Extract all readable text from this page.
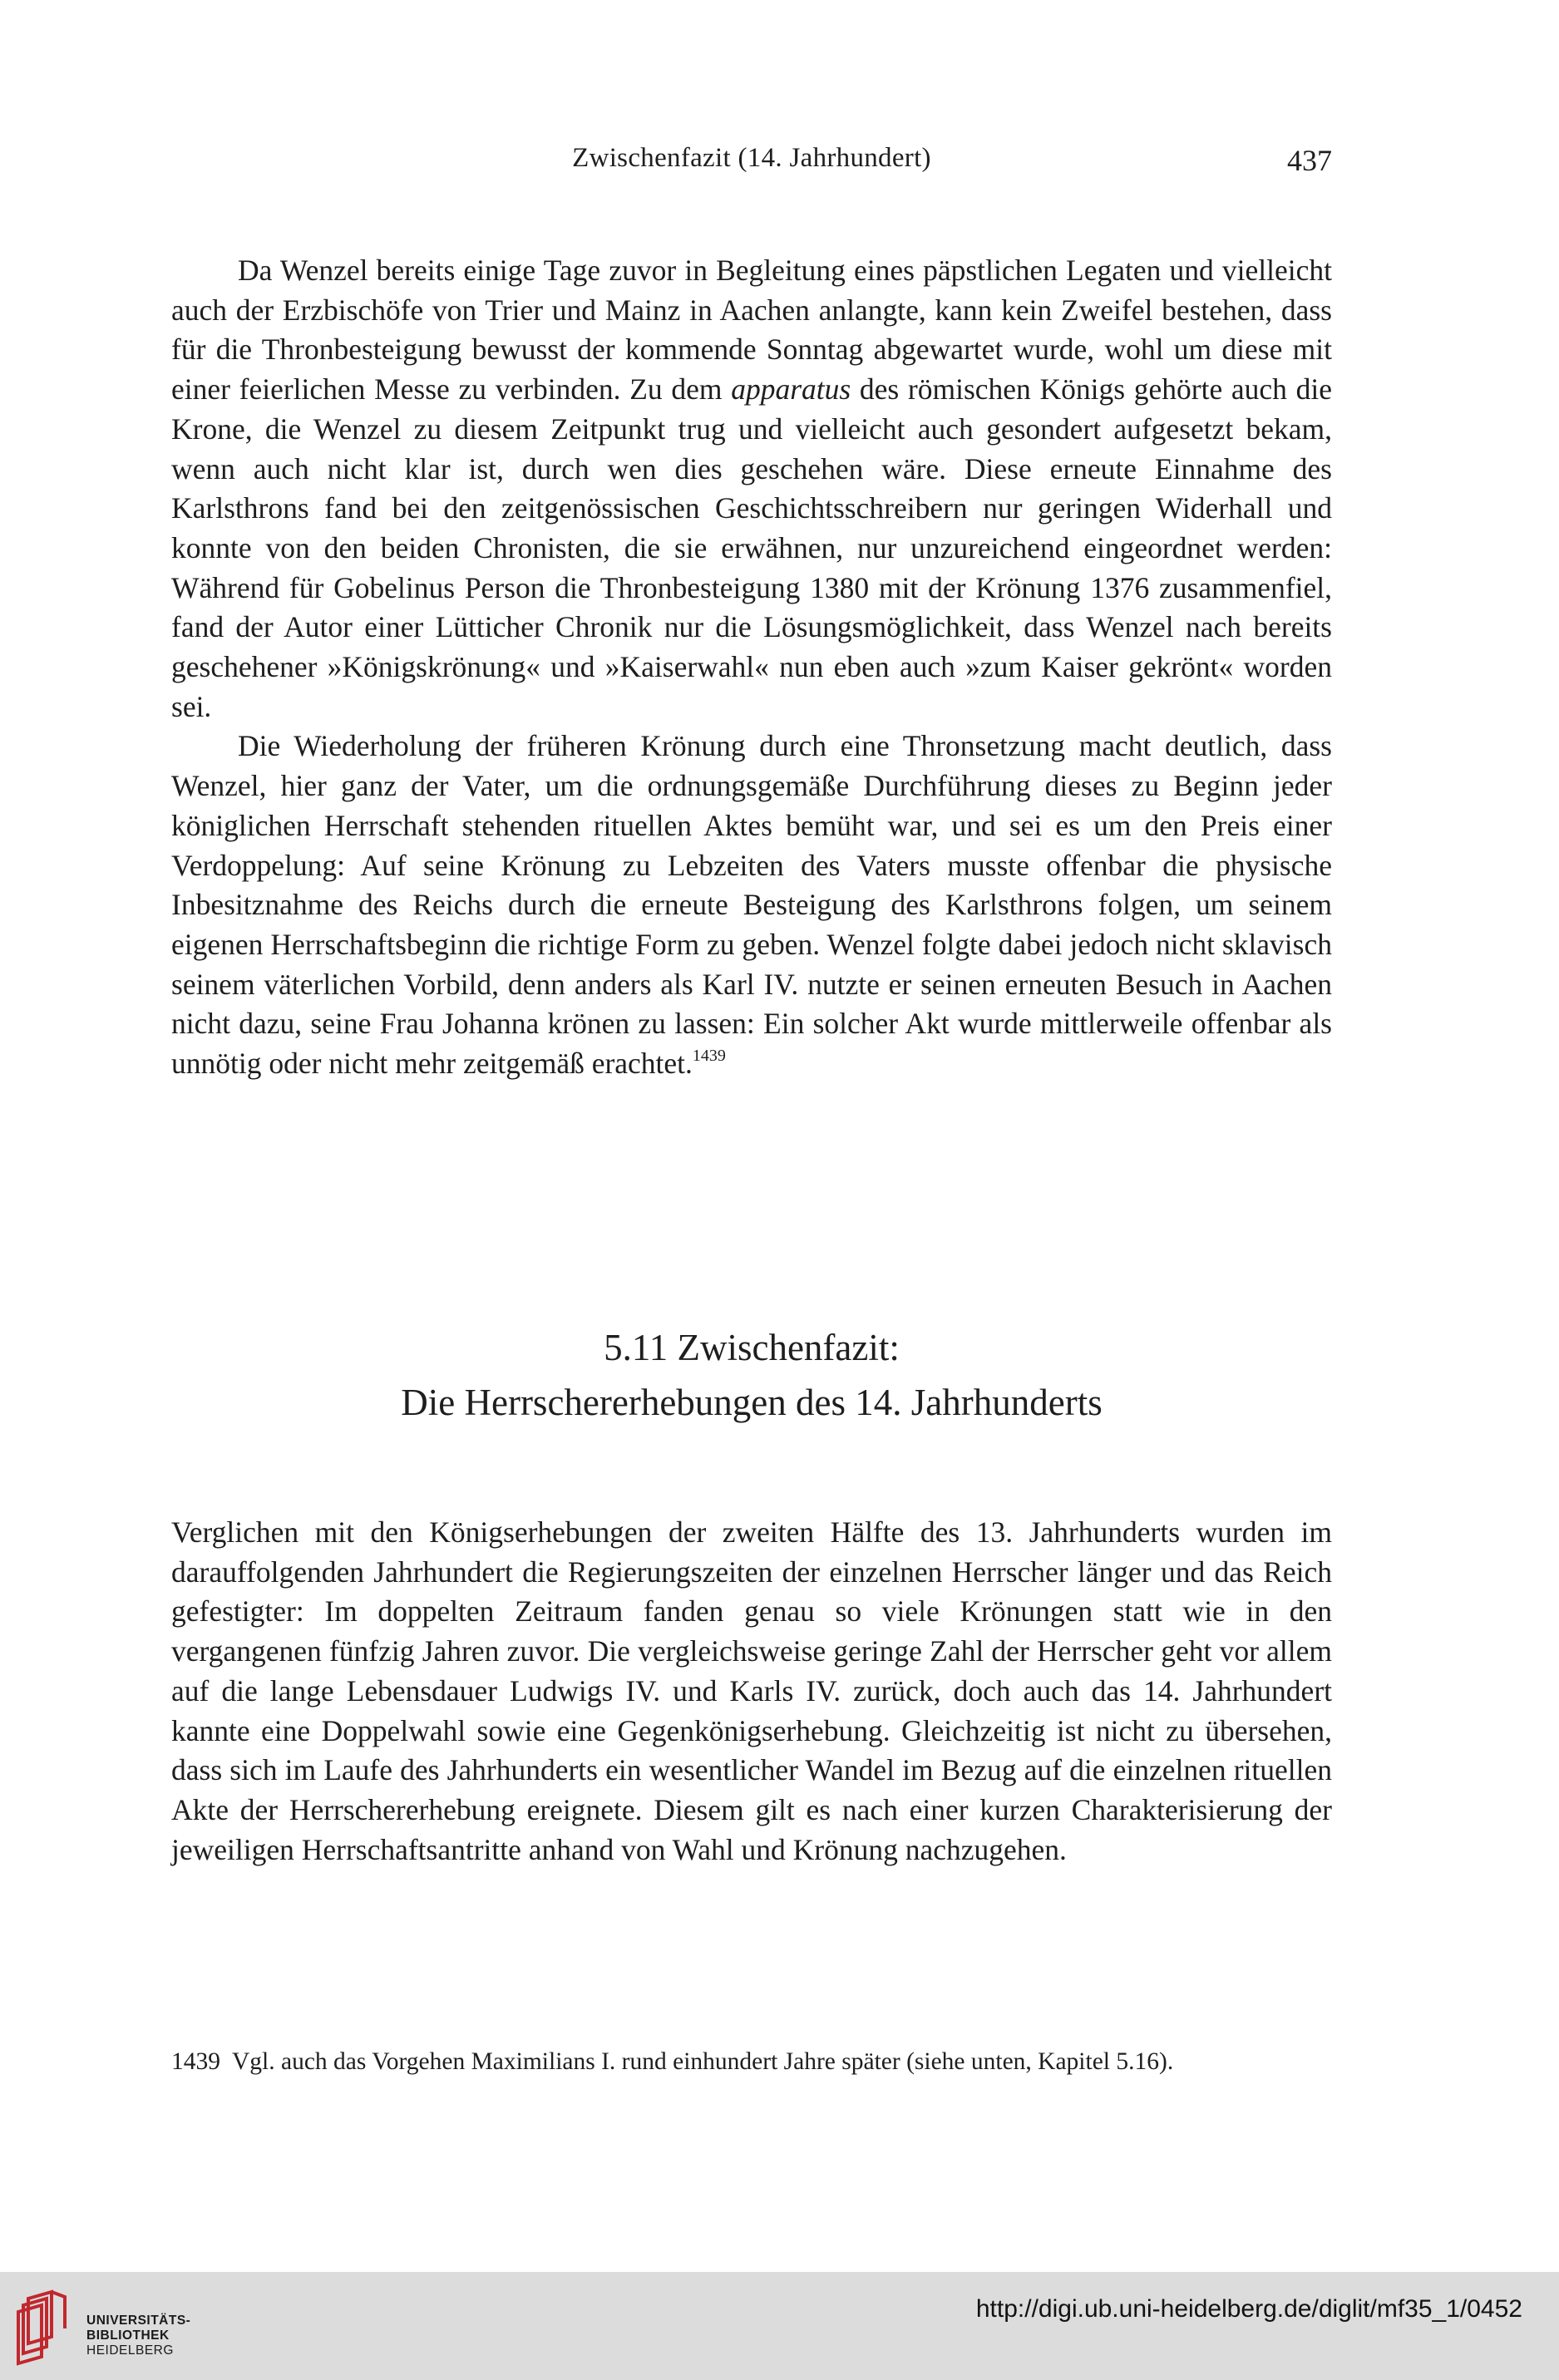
Zwischenfazit (14. Jahrhundert)	437

Da Wenzel bereits einige Tage zuvor in Begleitung eines päpstlichen Legaten und vielleicht auch der Erzbischöfe von Trier und Mainz in Aachen anlangte, kann kein Zweifel bestehen, dass für die Thronbesteigung bewusst der kommende Sonntag abgewartet wurde, wohl um diese mit einer feierlichen Messe zu verbinden. Zu dem apparatus des römischen Königs gehörte auch die Krone, die Wenzel zu diesem Zeitpunkt trug und vielleicht auch gesondert aufgesetzt bekam, wenn auch nicht klar ist, durch wen dies geschehen wäre. Diese erneute Einnahme des Karlsthrons fand bei den zeitgenössischen Geschichtsschreibern nur geringen Widerhall und konnte von den beiden Chronisten, die sie erwähnen, nur unzureichend eingeordnet werden: Während für Gobelinus Person die Thronbesteigung 1380 mit der Krönung 1376 zusammenfiel, fand der Autor einer Lütticher Chronik nur die Lösungsmöglichkeit, dass Wenzel nach bereits geschehener »Königskrönung« und »Kaiserwahl« nun eben auch »zum Kaiser gekrönt« worden sei.

Die Wiederholung der früheren Krönung durch eine Thronsetzung macht deutlich, dass Wenzel, hier ganz der Vater, um die ordnungsgemäße Durchführung dieses zu Beginn jeder königlichen Herrschaft stehenden rituellen Aktes bemüht war, und sei es um den Preis einer Verdoppelung: Auf seine Krönung zu Lebzeiten des Vaters musste offenbar die physische Inbesitznahme des Reichs durch die erneute Besteigung des Karlsthrons folgen, um seinem eigenen Herrschaftsbeginn die richtige Form zu geben. Wenzel folgte dabei jedoch nicht sklavisch seinem väterlichen Vorbild, denn anders als Karl IV. nutzte er seinen erneuten Besuch in Aachen nicht dazu, seine Frau Johanna krönen zu lassen: Ein solcher Akt wurde mittlerweile offenbar als unnötig oder nicht mehr zeitgemäß erachtet.$^{1439}$

5.11 Zwischenfazit:
Die Herrschererhebungen des 14. Jahrhunderts

Verglichen mit den Königserhebungen der zweiten Hälfte des 13. Jahrhunderts wurden im darauffolgenden Jahrhundert die Regierungszeiten der einzelnen Herrscher länger und das Reich gefestigter: Im doppelten Zeitraum fanden genau so viele Krönungen statt wie in den vergangenen fünfzig Jahren zuvor. Die vergleichsweise geringe Zahl der Herrscher geht vor allem auf die lange Lebensdauer Ludwigs IV. und Karls IV. zurück, doch auch das 14. Jahrhundert kannte eine Doppelwahl sowie eine Gegenkönigserhebung. Gleichzeitig ist nicht zu übersehen, dass sich im Laufe des Jahrhunderts ein wesentlicher Wandel im Bezug auf die einzelnen rituellen Akte der Herrschererhebung ereignete. Diesem gilt es nach einer kurzen Charakterisierung der jeweiligen Herrschaftsantritte anhand von Wahl und Krönung nachzugehen.

1439 Vgl. auch das Vorgehen Maximilians I. rund einhundert Jahre später (siehe unten, Kapitel 5.16).

UNIVERSITÄTS-
BIBLIOTHEK
HEIDELBERG
http://digi.ub.uni-heidelberg.de/diglit/mf35_1/0452
